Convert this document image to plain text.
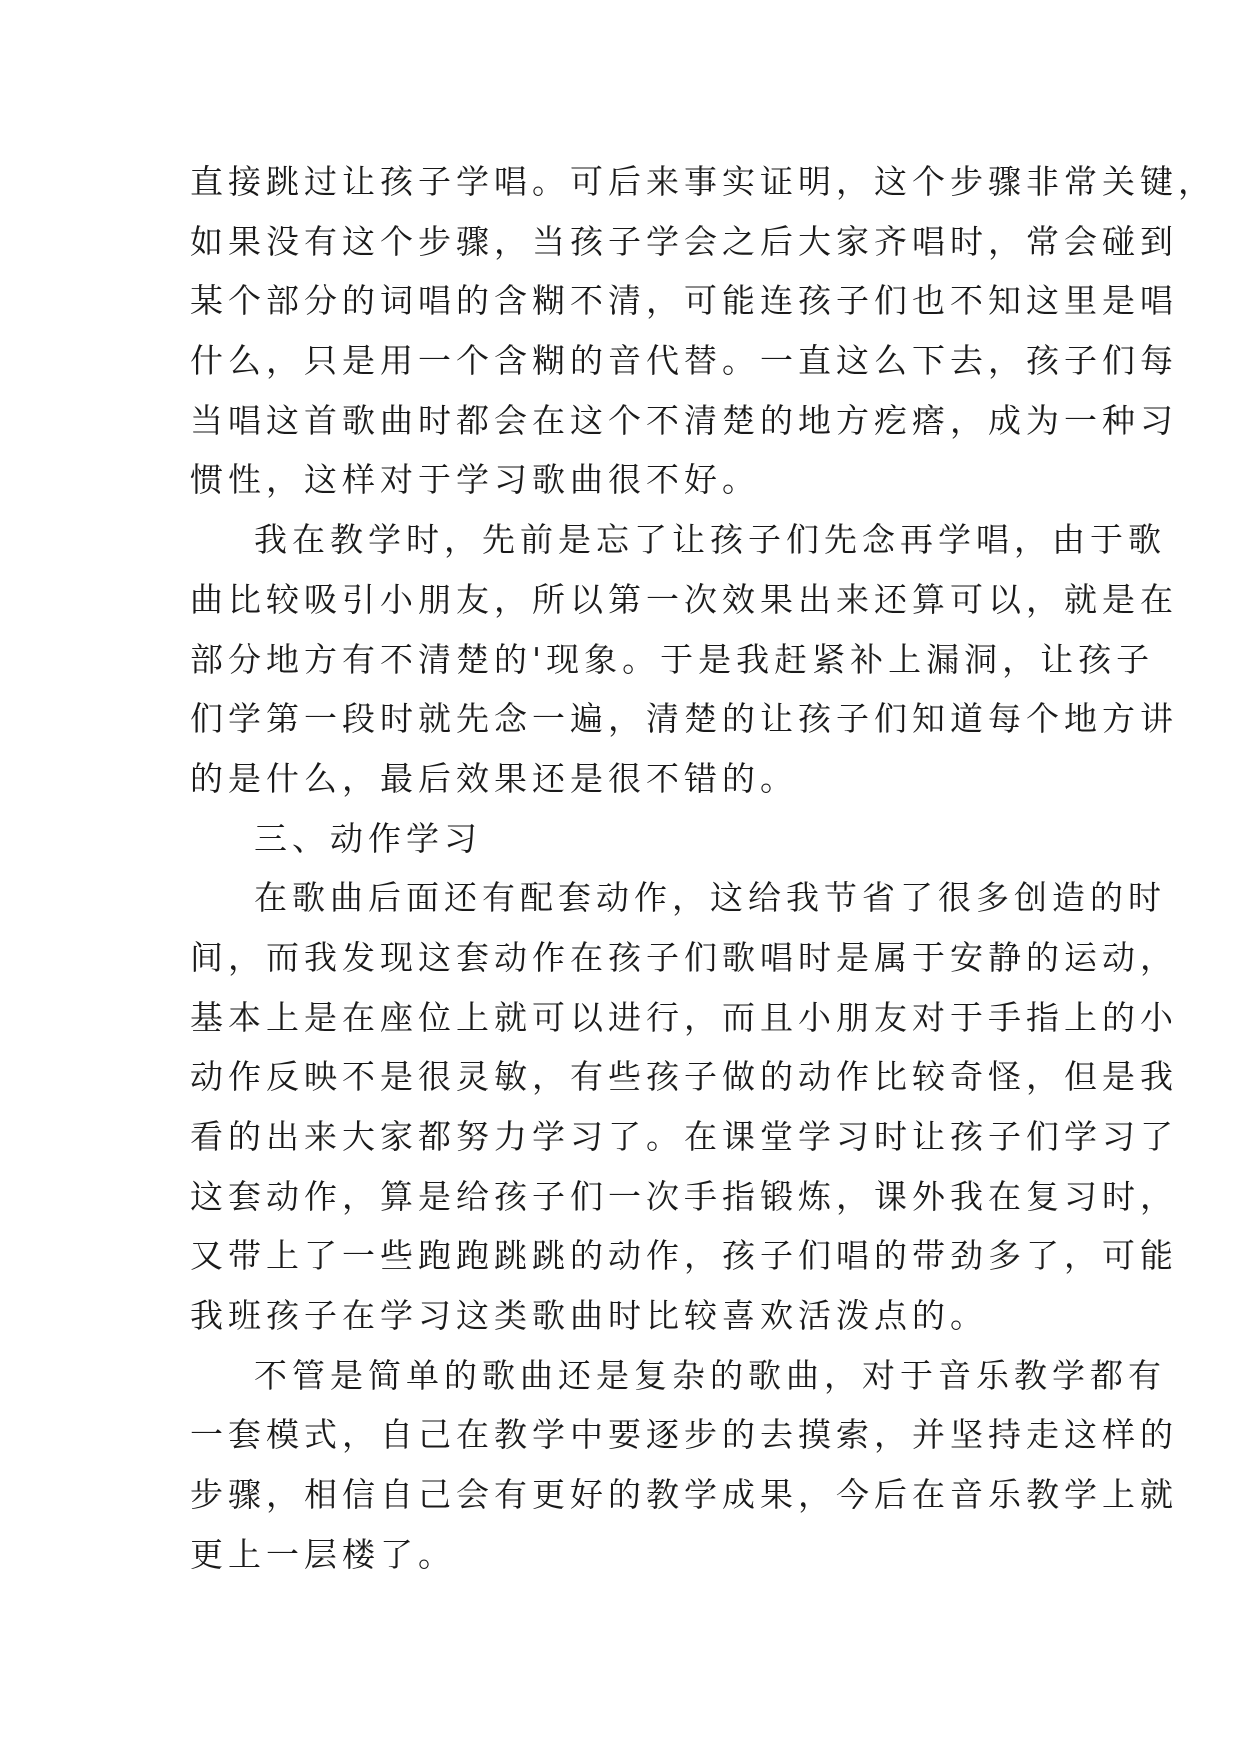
直接跳过让孩子学唱。可后来事实证明，这个步骤非常关键，
如果没有这个步骤，当孩子学会之后大家齐唱时，常会碰到
某个部分的词唱的含糊不清，可能连孩子们也不知这里是唱
什么，只是用一个含糊的音代替。一直这么下去，孩子们每
当唱这首歌曲时都会在这个不清楚的地方疙瘩，成为一种习
惯性，这样对于学习歌曲很不好。
我在教学时，先前是忘了让孩子们先念再学唱，由于歌
曲比较吸引小朋友，所以第一次效果出来还算可以，就是在
部分地方有不清楚的'现象。于是我赶紧补上漏洞，让孩子
们学第一段时就先念一遍，清楚的让孩子们知道每个地方讲
的是什么，最后效果还是很不错的。
三、动作学习
在歌曲后面还有配套动作，这给我节省了很多创造的时
间，而我发现这套动作在孩子们歌唱时是属于安静的运动，
基本上是在座位上就可以进行，而且小朋友对于手指上的小
动作反映不是很灵敏，有些孩子做的动作比较奇怪，但是我
看的出来大家都努力学习了。在课堂学习时让孩子们学习了
这套动作，算是给孩子们一次手指锻炼，课外我在复习时，
又带上了一些跑跑跳跳的动作，孩子们唱的带劲多了，可能
我班孩子在学习这类歌曲时比较喜欢活泼点的。
不管是简单的歌曲还是复杂的歌曲，对于音乐教学都有
一套模式，自己在教学中要逐步的去摸索，并坚持走这样的
步骤，相信自己会有更好的教学成果，今后在音乐教学上就
更上一层楼了。
